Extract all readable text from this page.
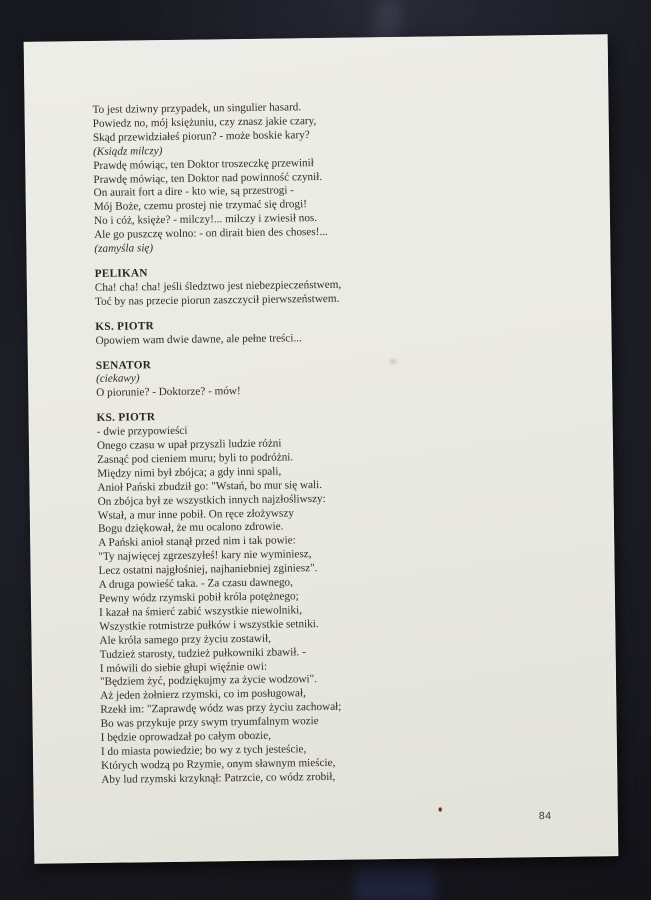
To jest dziwny przypadek, un singulier hasard.
Powiedz no, mój księżuniu, czy znasz jakie czary,
Skąd przewidziałeś piorun? - może boskie kary?
(Ksiądz milczy)
Prawdę mówiąc, ten Doktor troszeczkę przewinił
Prawdę mówiąc, ten Doktor nad powinność czynił.
On aurait fort a dire - kto wie, są przestrogi -
Mój Boże, czemu prostej nie trzymać się drogi!
No i cóż, księże? - milczy!... milczy i zwiesił nos.
Ale go puszczę wolno: - on dirait bien des choses!...
(zamyśla się)
PELIKAN
Cha! cha! cha! jeśli śledztwo jest niebezpieczeństwem,
Toć by nas przecie piorun zaszczycił pierwszeństwem.
KS. PIOTR
Opowiem wam dwie dawne, ale pełne treści...
SENATOR
(ciekawy)
O piorunie? - Doktorze? - mów!
KS. PIOTR
- dwie przypowieści
Onego czasu w upał przyszli ludzie różni
Zasnąć pod cieniem muru; byli to podróżni.
Między nimi był zbójca; a gdy inni spali,
Anioł Pański zbudził go: "Wstań, bo mur się wali.
On zbójca był ze wszystkich innych najzłośliwszy:
Wstał, a mur inne pobił. On ręce złożywszy
Bogu dziękował, że mu ocalono zdrowie.
A Pański anioł stanął przed nim i tak powie:
"Ty najwięcej zgrzeszyłeś! kary nie wyminiesz,
Lecz ostatni najgłośniej, najhaniebniej zginiesz".
A druga powieść taka. - Za czasu dawnego,
Pewny wódz rzymski pobił króla potężnego;
I kazał na śmierć zabić wszystkie niewolniki,
Wszystkie rotmistrze pułków i wszystkie setniki.
Ale króla samego przy życiu zostawił,
Tudzież starosty, tudzież pułkowniki zbawił. -
I mówili do siebie głupi więźnie owi:
"Będziem żyć, podziękujmy za życie wodzowi".
Aż jeden żołnierz rzymski, co im posługował,
Rzekł im: "Zaprawdę wódz was przy życiu zachował;
Bo was przykuje przy swym tryumfalnym wozie
I będzie oprowadzał po całym obozie,
I do miasta powiedzie; bo wy z tych jesteście,
Których wodzą po Rzymie, onym sławnym mieście,
Aby lud rzymski krzyknął: Patrzcie, co wódz zrobił,
84
